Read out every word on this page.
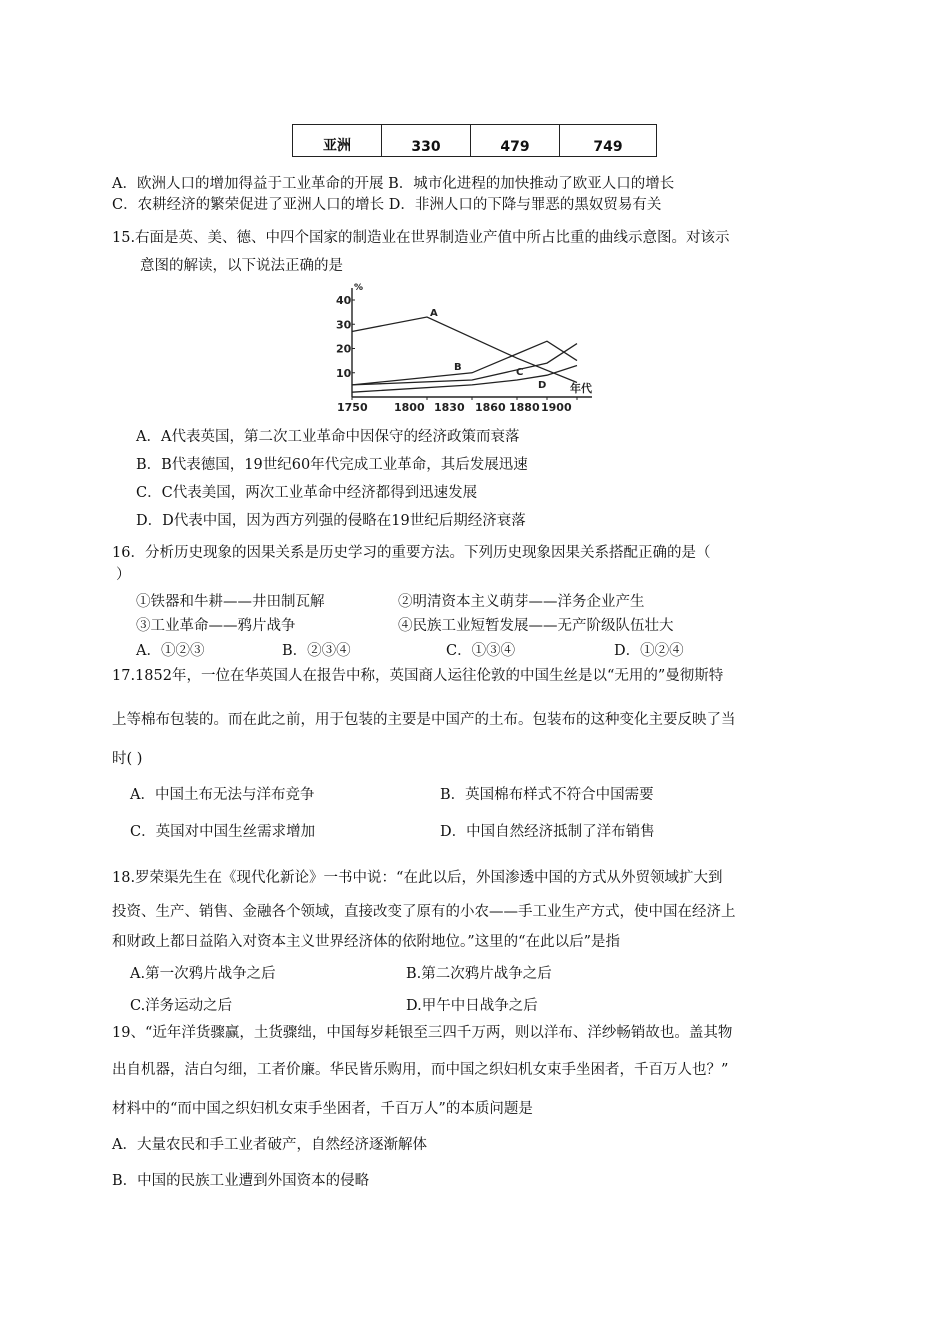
亚洲	330	479	749
A．欧洲人口的增加得益于工业革命的开展 B．城市化进程的加快推动了欧亚人口的增长
C．农耕经济的繁荣促进了亚洲人口的增长 D．非洲人口的下降与罪恶的黑奴贸易有关
15.右面是英、美、德、中四个国家的制造业在世界制造业产值中所占比重的曲线示意图。对该示
意图的解读，以下说法正确的是
40
30
20
10
1750 1800 1830 1860 1880 1900
%
年代
A
B	C
D
A．A代表英国，第二次工业革命中因保守的经济政策而衰落
B．B代表德国，19世纪60年代完成工业革命，其后发展迅速
C．C代表美国，两次工业革命中经济都得到迅速发展
D．D代表中国，因为西方列强的侵略在19世纪后期经济衰落
16．分析历史现象的因果关系是历史学习的重要方法。下列历史现象因果关系搭配正确的是（
）
①铁器和牛耕——井田制瓦解	②明清资本主义萌芽——洋务企业产生
③工业革命——鸦片战争	④民族工业短暂发展——无产阶级队伍壮大
A．①②③	B．②③④	C．①③④	D．①②④
17.1852年，一位在华英国人在报告中称，英国商人运往伦敦的中国生丝是以“无用的”曼彻斯特
上等棉布包装的。而在此之前，用于包装的主要是中国产的土布。包装布的这种变化主要反映了当
时( )
A．中国土布无法与洋布竞争	B．英国棉布样式不符合中国需要
C．英国对中国生丝需求增加	D．中国自然经济抵制了洋布销售
18.罗荣渠先生在《现代化新论》一书中说：“在此以后，外国渗透中国的方式从外贸领域扩大到
投资、生产、销售、金融各个领域，直接改变了原有的小农——手工业生产方式，使中国在经济上
和财政上都日益陷入对资本主义世界经济体的依附地位。”这里的“在此以后”是指
A.第一次鸦片战争之后	B.第二次鸦片战争之后
C.洋务运动之后	D.甲午中日战争之后
19、“近年洋货骤赢，土货骤绌，中国每岁耗银至三四千万两，则以洋布、洋纱畅销故也。盖其物
出自机器，洁白匀细，工者价廉。华民皆乐购用，而中国之织妇机女束手坐困者，千百万人也？”
材料中的“而中国之织妇机女束手坐困者，千百万人”的本质问题是
A．大量农民和手工业者破产，自然经济逐渐解体
B．中国的民族工业遭到外国资本的侵略
